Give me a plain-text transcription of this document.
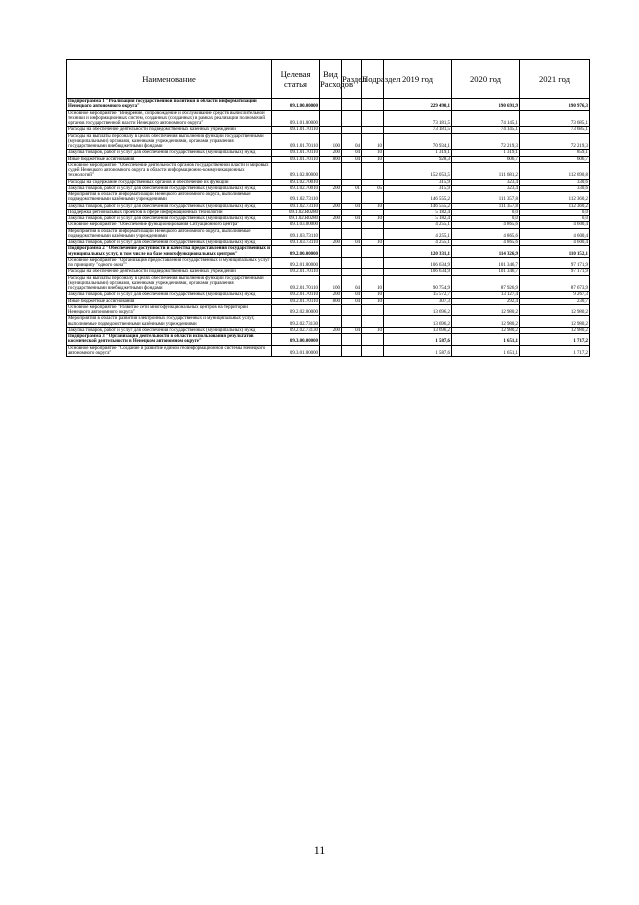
Наименование	Целевая статья	Вид Расходов	Раздел	Подраздел	2019 год	2020 год	2021 год
Подпрограмма 1 "Реализация государственной политики в области информатизации Ненецкого автономного округа"	09.1.00.00000				229 490,1	190 691,9	190 976,3
Основное мероприятие "Внедрение, сопровождение и обслуживание средств вычислительной техники и информационных систем, созданных (созданных) в рамках реализации полномочий органов государственной власти Ненецкого автономного округа"	09.1.01.00000				73 181,5	74 145,1	73 685,1
Расходы на обеспечение деятельности подведомственных казённых учреждений	09.1.01.70110				73 181,5	74 145,1	73 685,1
Расходы на выплаты персоналу в целях обеспечения выполнения функций государственными (муниципальными) органами, казенными учреждениями, органами управления государственными внебюджетными фондами	09.1.01.70110	100	04	10	70 934,1	72 219,3	72 219,3
Закупка товаров, работ и услуг для обеспечения государственных (муниципальных) нужд	09.1.01.70110	200	04	10	1 319,1	1 319,1	859,1
Иные бюджетные ассигнования	09.1.01.70110	800	04	10	928,3	606,7	606,7
Основное мероприятие "Обеспечение деятельности органов государственной власти и мировых судей Ненецкого автономного округа в области информационно-коммуникационных технологий"	09.1.02.00000				152 053,5	111 681,2	112 690,8
Расходы на содержание государственных органов и обеспечение их функций	09.1.02.70010				315,9	323,4	330,6
Закупка товаров, работ и услуг для обеспечения государственных (муниципальных) нужд	09.1.02.70010	200	01	05	315,9	323,4	330,6
Мероприятия в области информатизации Ненецкого автономного округа, выполняемые подведомственными казёнными учреждениями	09.1.02.73110				146 555,2	111 357,8	112 360,2
Закупка товаров, работ и услуг для обеспечения государственных (муниципальных) нужд	09.1.02.73110	200	04	10	146 555,2	111 357,8	112 360,2
Поддержка региональных проектов в сфере информационных технологий	09.1.02.R0280				5 182,4	0,0	0,0
Закупка товаров, работ и услуг для обеспечения государственных (муниципальных) нужд	09.1.02.R0280	200	04	10	5 182,4	0,0	0,0
Основное мероприятие "Обеспечение функционирования Ситуационного центра"	09.1.03.00000				4 255,1	4 865,6	4 600,4
Мероприятия в области информатизации Ненецкого автономного округа, выполняемые подведомственными казёнными учреждениями	09.1.03.73110				4 255,1	4 865,6	4 600,4
Закупка товаров, работ и услуг для обеспечения государственных (муниципальных) нужд	09.1.03.73110	200	04	10	4 255,1	4 865,6	4 600,4
Подпрограмма 2 "Обеспечение доступности и качества предоставления государственных и муниципальных услуг, в том числе на базе многофункциональных центров"	09.2.00.00000				120 331,1	114 326,9	110 152,1
Основное мероприятие "Организация предоставления государственных и муниципальных услуг по принципу "одного окна""	09.2.01.00000				106 634,9	101 346,7	97 171,9
Расходы на обеспечение деятельности подведомственных казённых учреждений	09.2.01.70110				106 634,9	101 346,7	97 171,9
Расходы на выплаты персоналу в целях обеспечения выполнения функций государственными (муниципальными) органами, казенными учреждениями, органами управления государственными внебюджетными фондами	09.2.01.70110	100	04	10	90 754,9	87 926,9	87 673,9
Закупка товаров, работ и услуг для обеспечения государственных (муниципальных) нужд	09.2.01.70110	200	04	10	15 572,7	13 127,4	9 267,3
Иные бюджетные ассигнования	09.2.01.70110	800	04	10	307,3	292,4	230,7
Основное мероприятие "Развитие сети многофункциональных центров на территории Ненецкого автономного округа"	09.2.02.00000				13 696,2	12 980,2	12 980,2
Мероприятия в области развития электронных государственных и муниципальных услуг, выполняемые подведомственными казёнными учреждениями	09.2.02.73130				13 696,2	12 980,2	12 980,2
Закупка товаров, работ и услуг для обеспечения государственных (муниципальных) нужд	09.2.02.73130	200	04	10	13 696,2	12 980,2	12 980,2
Подпрограмма 3 "Организация деятельности в области использования результатов космической деятельности в Ненецком автономном округе"	09.3.00.00000				1 587,6	1 651,1	1 717,2
Основное мероприятие "Создание и развитие единой геоинформационной системы Ненецкого автономного округа"	09.3.01.00000				1 587,6	1 651,1	1 717,2
11
